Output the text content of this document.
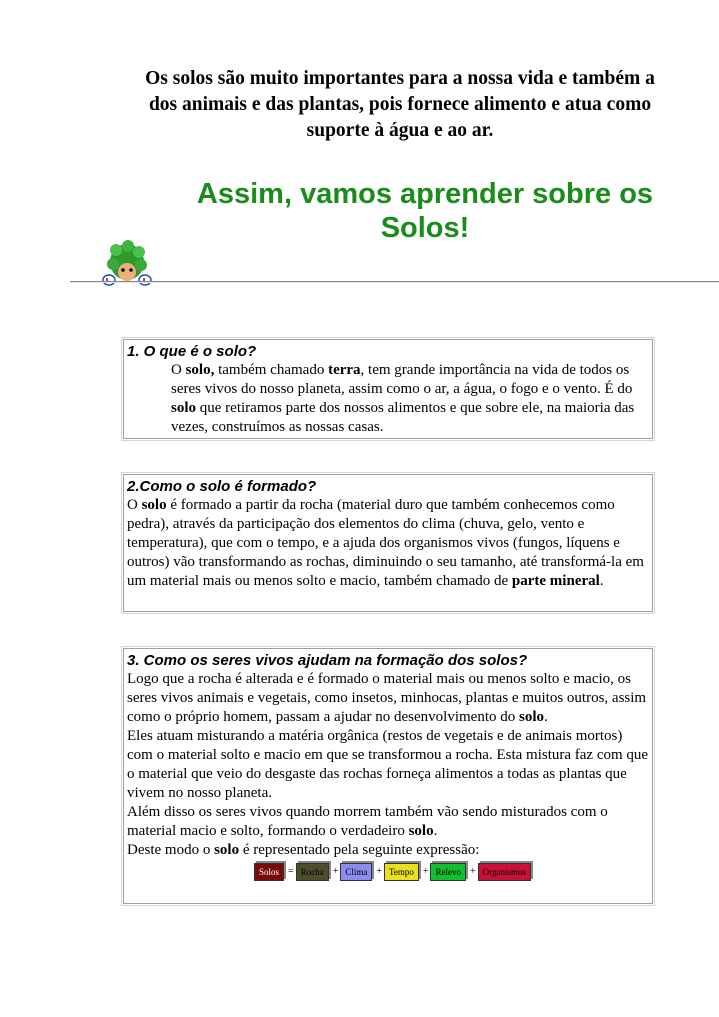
Os solos são muito importantes para a nossa vida e também a dos animais e das plantas, pois fornece alimento e atua como suporte à água e ao ar.
Assim, vamos aprender sobre os Solos!
1. O que é o solo?

O solo, também chamado terra, tem grande importância na vida de todos os seres vivos do nosso planeta, assim como o ar, a água, o fogo e o vento. É do solo que retiramos parte dos nossos alimentos e que sobre ele, na maioria das vezes, construímos as nossas casas.

2.Como o solo é formado?

O solo é formado a partir da rocha (material duro que também conhecemos como pedra), através da participação dos elementos do clima (chuva, gelo, vento e temperatura), que com o tempo, e a ajuda dos organismos vivos (fungos, líquens e outros) vão transformando as rochas, diminuindo o seu tamanho, até transformá-la em um material mais ou menos solto e macio, também chamado de parte mineral.

3. Como os seres vivos ajudam na formação dos solos?

Logo que a rocha é alterada e é formado o material mais ou menos solto e macio, os seres vivos animais e vegetais, como insetos, minhocas, plantas e muitos outros, assim como o próprio homem, passam a ajudar no desenvolvimento do solo.

Eles atuam misturando a matéria orgânica (restos de vegetais e de animais mortos) com o material solto e macio em que se transformou a rocha. Esta mistura faz com que o material que veio do desgaste das rochas forneça alimentos a todas as plantas que vivem no nosso planeta.

Além disso os seres vivos quando morrem também vão sendo misturados com o material macio e solto, formando o verdadeiro solo.

Deste modo o solo é representado pela seguinte expressão:

Solos = Rocha + Clima + Tempo + Relevo + Organismos
